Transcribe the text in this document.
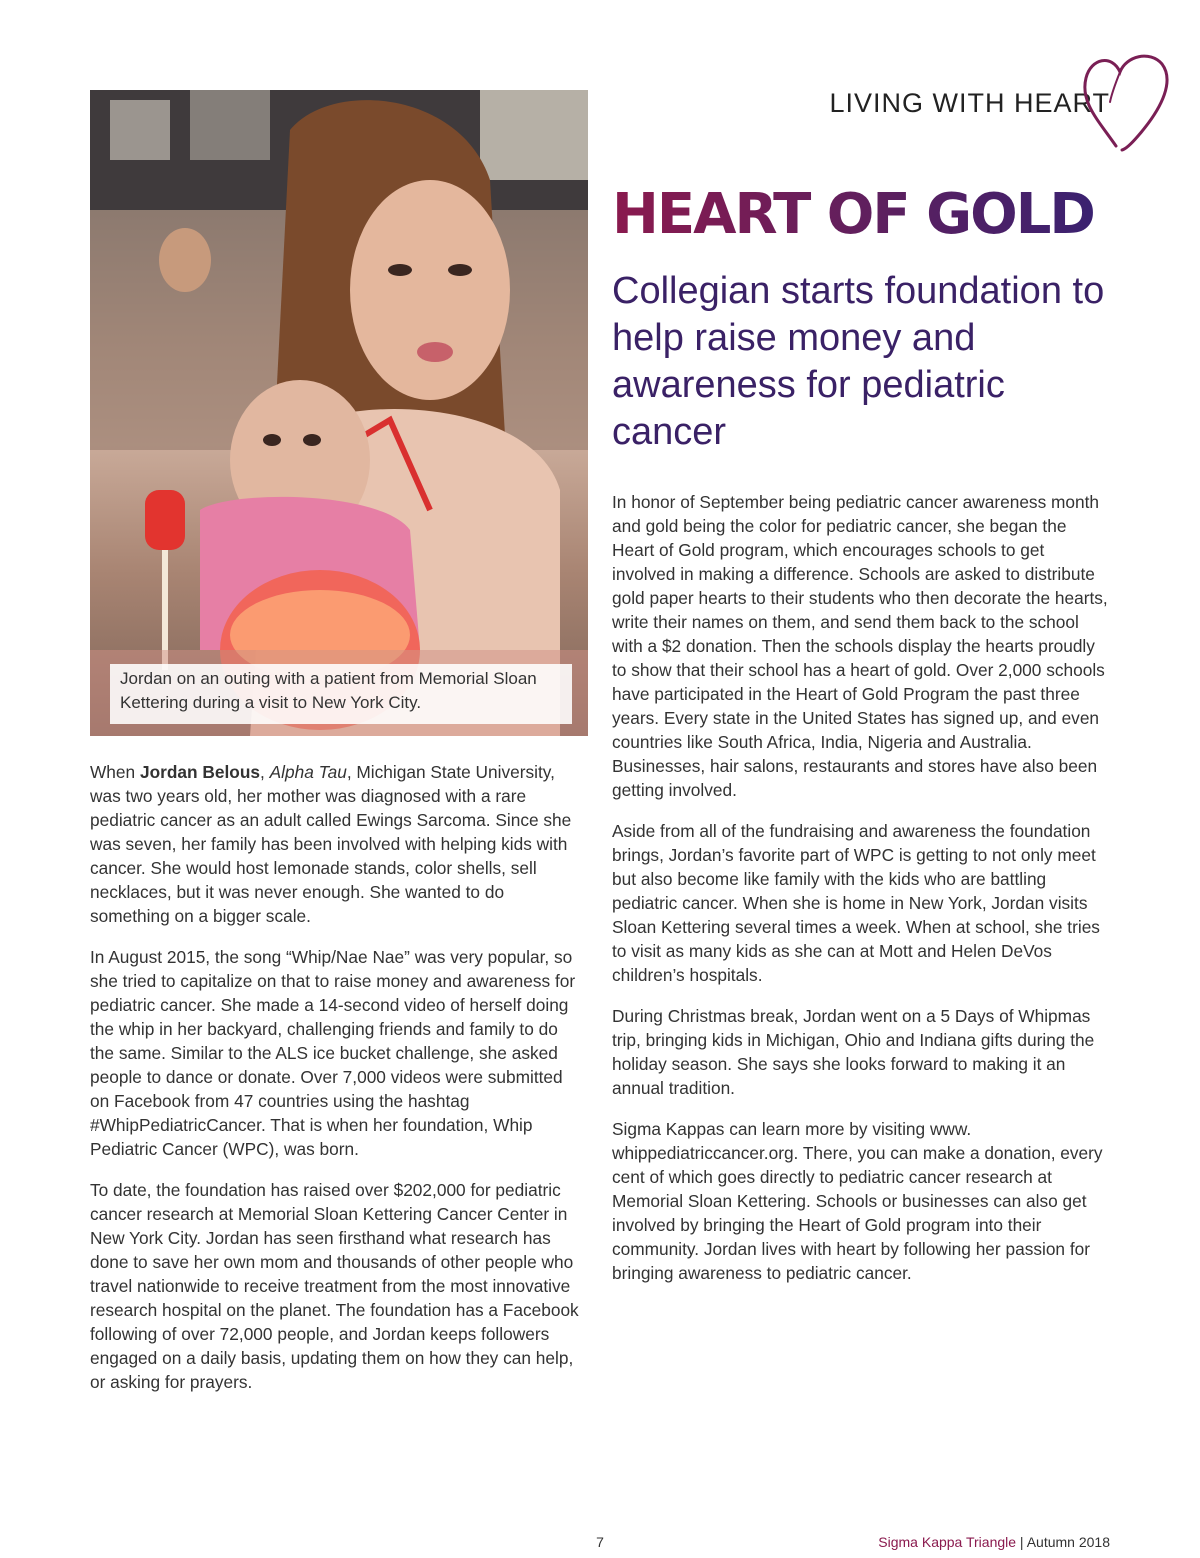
LIVING WITH HEART
Jordan on an outing with a patient from Memorial Sloan Kettering during a visit to New York City.
HEART OF GOLD
Collegian starts foundation to help raise money and awareness for pediatric cancer

When Jordan Belous, Alpha Tau, Michigan State University, was two years old, her mother was diagnosed with a rare pediatric cancer as an adult called Ewings Sarcoma. Since she was seven, her family has been involved with helping kids with cancer. She would host lemonade stands, color shells, sell necklaces, but it was never enough. She wanted to do something on a bigger scale.

In August 2015, the song “Whip/Nae Nae” was very popular, so she tried to capitalize on that to raise money and awareness for pediatric cancer. She made a 14-second video of herself doing the whip in her backyard, challenging friends and family to do the same. Similar to the ALS ice bucket challenge, she asked people to dance or donate. Over 7,000 videos were submitted on Facebook from 47 countries using the hashtag #WhipPediatricCancer. That is when her foundation, Whip Pediatric Cancer (WPC), was born.

To date, the foundation has raised over $202,000 for pediatric cancer research at Memorial Sloan Kettering Cancer Center in New York City. Jordan has seen firsthand what research has done to save her own mom and thousands of other people who travel nationwide to receive treatment from the most innovative research hospital on the planet. The foundation has a Facebook following of over 72,000 people, and Jordan keeps followers engaged on a daily basis, updating them on how they can help, or asking for prayers.

In honor of September being pediatric cancer awareness month and gold being the color for pediatric cancer, she began the Heart of Gold program, which encourages schools to get involved in making a difference. Schools are asked to distribute gold paper hearts to their students who then decorate the hearts, write their names on them, and send them back to the school with a $2 donation. Then the schools display the hearts proudly to show that their school has a heart of gold. Over 2,000 schools have participated in the Heart of Gold Program the past three years. Every state in the United States has signed up, and even countries like South Africa, India, Nigeria and Australia. Businesses, hair salons, restaurants and stores have also been getting involved.

Aside from all of the fundraising and awareness the foundation brings, Jordan’s favorite part of WPC is getting to not only meet but also become like family with the kids who are battling pediatric cancer. When she is home in New York, Jordan visits Sloan Kettering several times a week. When at school, she tries to visit as many kids as she can at Mott and Helen DeVos children’s hospitals.

During Christmas break, Jordan went on a 5 Days of Whipmas trip, bringing kids in Michigan, Ohio and Indiana gifts during the holiday season. She says she looks forward to making it an annual tradition.

Sigma Kappas can learn more by visiting www. whippediatriccancer.org. There, you can make a donation, every cent of which goes directly to pediatric cancer research at Memorial Sloan Kettering. Schools or businesses can also get involved by bringing the Heart of Gold program into their community. Jordan lives with heart by following her passion for bringing awareness to pediatric cancer.

7	Sigma Kappa Triangle | Autumn 2018
